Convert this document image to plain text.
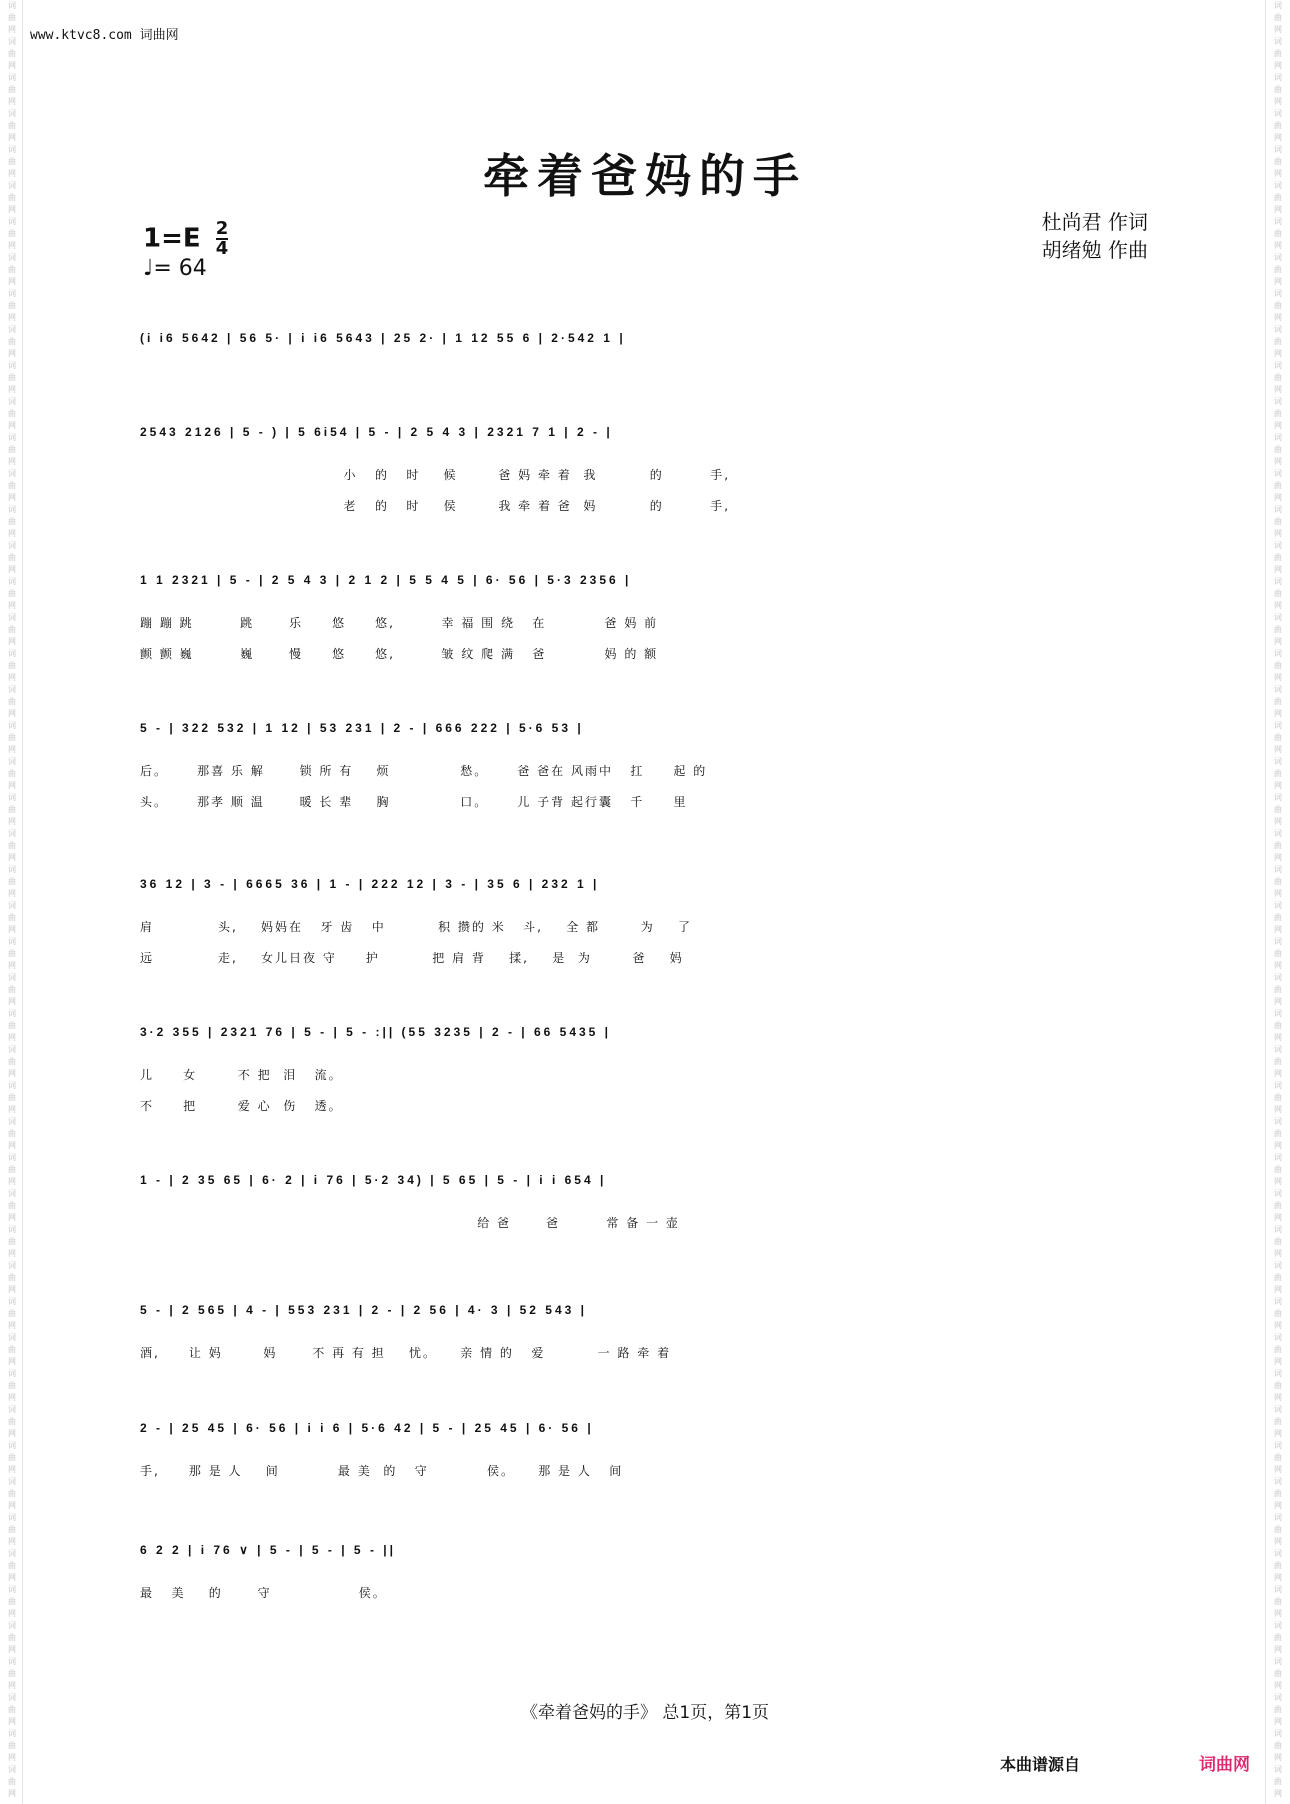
词
曲
网
词
曲
网
词
曲
网
词
曲
网
词
曲
网
词
曲
网
词
曲
网
词
曲
网
词
曲
网
词
曲
网
词
曲
网
词
曲
网
词
曲
网
词
曲
网
词
曲
网
词
曲
网
词
曲
网
词
曲
网
词
曲
网
词
曲
网
词
曲
网
词
曲
网
词
曲
网
词
曲
网
词
曲
网
词
曲
网
词
曲
网
词
曲
网
词
曲
网
词
曲
网
词
曲
网
词
曲
网
词
曲
网
词
曲
网
词
曲
网
词
曲
网
词
曲
网
词
曲
网
词
曲
网
词
曲
网
词
曲
网
词
曲
网
词
曲
网
词
曲
网
词
曲
网
词
曲
网
词
曲
网
词
曲
网
词
曲
网
词
曲
网
词
曲
网
词
曲
网
词
曲
网
词
曲
网
词
曲
网
词
曲
网
词
曲
网
词
曲
网
词
曲
网
词
曲
网
词
曲
网
词
曲
网
词
曲
网
词
曲
网
词
曲
网
词
曲
网
词
曲
网
词
曲
网
词
曲
网
词
曲
网
词
曲
网
词
曲
网
词
曲
网
词
曲
网
词
曲
网
词
曲
网
词
曲
网
词
曲
网
词
曲
网
词
曲
网
词
曲
网
词
曲
网
词
曲
网
词
曲
网
词
曲
网
词
曲
网
词
曲
网
词
曲
网
词
曲
网
词
曲
网
词
曲
网
词
曲
网
词
曲
网
词
曲
网
词
曲
网
词
曲
网
词
曲
网
词
曲
网
词
曲
网
词
曲
网
www.ktvc8.com 词曲网
牵着爸妈的手
$1=E \frac{2}{4}$
♩= 64
杜尚君 作词
胡绪勉 作曲
(i i6 5642 | 56 5· | i i6 5643 | 25 2· | 1 12 55 6 | 2·542 1 |
2543 2126 | 5 - ) | 5 6i54 | 5 - | 2 5 4 3 | 2321 7 1 | 2 - |
小   的   时    候       爸 妈 牵 着  我         的        手,
老   的   时    侯       我 牵 着 爸  妈         的        手,
1 1 2321 | 5 - | 2 5 4 3 | 2 1 2 | 5 5 4 5 | 6· 56 | 5·3 2356 |
蹦 蹦 跳        跳      乐     悠     悠,        幸 福 围 绕   在          爸 妈 前
颤 颤 巍        巍      慢     悠     悠,        皱 纹 爬 满   爸          妈 的 额
5 - | 322 532 | 1 12 | 53 231 | 2 - | 666 222 | 5·6 53 |
后。     那喜 乐 解      锁 所 有    烦            愁。     爸 爸在 风雨中   扛     起 的
头。     那孝 顺 温      暖 长 辈    胸            口。     儿 子背 起行囊   千     里
36 12 | 3 - | 6665 36 | 1 - | 222 12 | 3 - | 35 6 | 232 1 |
肩           头,    妈妈在   牙 齿   中         积 攒的 米   斗,    全 都       为    了
远           走,    女儿日夜 守     护         把 肩 背    揉,    是  为       爸    妈
3·2 355 | 2321 76 | 5 - | 5 - :|| (55 3235 | 2 - | 66 5435 |
儿     女       不 把  泪   流。
不     把       爱 心  伤   透。
1 - | 2 35 65 | 6· 2 | i 76 | 5·2 34) | 5 65 | 5 - | i i 654 |
给 爸      爸        常 备 一 壶
5 - | 2 565 | 4 - | 553 231 | 2 - | 2 56 | 4· 3 | 52 543 |
酒,     让 妈       妈      不 再 有 担    忧。    亲 情 的   爱         一 路 牵 着
2 - | 25 45 | 6· 56 | i i 6 | 5·6 42 | 5 - | 25 45 | 6· 56 |
手,     那 是 人    间          最 美  的   守          侯。    那 是 人   间
6 2 2 | i 76 ∨ | 5 - | 5 - | 5 - ||
最   美    的      守               侯。
《牵着爸妈的手》 总1页，第1页
本曲谱源自	词曲网
